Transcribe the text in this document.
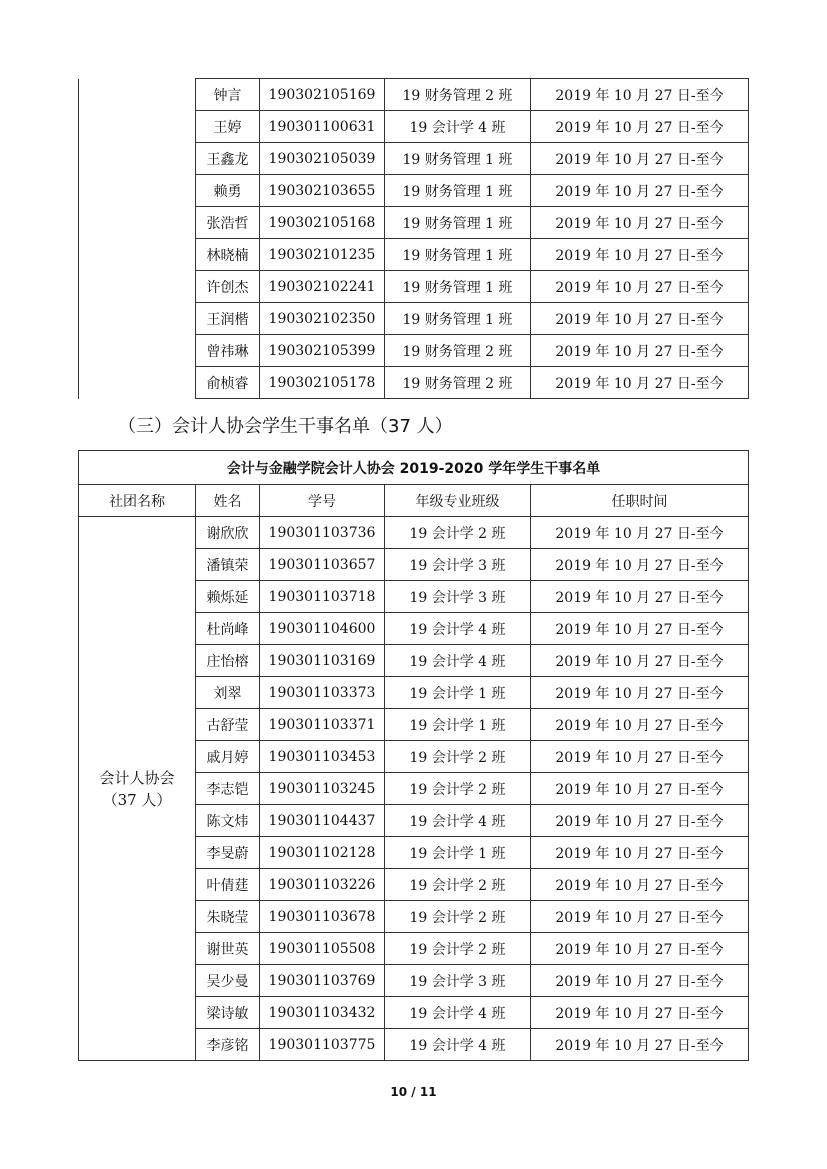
	钟言	190302105169	19 财务管理 2 班	2019 年 10 月 27 日-至今
	王婷	190301100631	19 会计学 4 班	2019 年 10 月 27 日-至今
	王鑫龙	190302105039	19 财务管理 1 班	2019 年 10 月 27 日-至今
	赖勇	190302103655	19 财务管理 1 班	2019 年 10 月 27 日-至今
	张浩哲	190302105168	19 财务管理 1 班	2019 年 10 月 27 日-至今
	林晓楠	190302101235	19 财务管理 1 班	2019 年 10 月 27 日-至今
	许创杰	190302102241	19 财务管理 1 班	2019 年 10 月 27 日-至今
	王润楷	190302102350	19 财务管理 1 班	2019 年 10 月 27 日-至今
	曾祎琳	190302105399	19 财务管理 2 班	2019 年 10 月 27 日-至今
	俞桢睿	190302105178	19 财务管理 2 班	2019 年 10 月 27 日-至今
（三）会计人协会学生干事名单（37 人）
会计与金融学院会计人协会 2019-2020 学年学生干事名单				
社团名称	姓名	学号	年级专业班级	任职时间

会计人协会
（37 人）	谢欣欣	190301103736	19 会计学 2 班	2019 年 10 月 27 日-至今
	潘镇荣	190301103657	19 会计学 3 班	2019 年 10 月 27 日-至今
	赖烁延	190301103718	19 会计学 3 班	2019 年 10 月 27 日-至今
	杜尚峰	190301104600	19 会计学 4 班	2019 年 10 月 27 日-至今
	庄怡榕	190301103169	19 会计学 4 班	2019 年 10 月 27 日-至今
	刘翠	190301103373	19 会计学 1 班	2019 年 10 月 27 日-至今
	古舒莹	190301103371	19 会计学 1 班	2019 年 10 月 27 日-至今
	戚月婷	190301103453	19 会计学 2 班	2019 年 10 月 27 日-至今
	李志铠	190301103245	19 会计学 2 班	2019 年 10 月 27 日-至今
	陈文炜	190301104437	19 会计学 4 班	2019 年 10 月 27 日-至今
	李旻蔚	190301102128	19 会计学 1 班	2019 年 10 月 27 日-至今
	叶倩莛	190301103226	19 会计学 2 班	2019 年 10 月 27 日-至今
	朱晓莹	190301103678	19 会计学 2 班	2019 年 10 月 27 日-至今
	谢世英	190301105508	19 会计学 2 班	2019 年 10 月 27 日-至今
	吴少曼	190301103769	19 会计学 3 班	2019 年 10 月 27 日-至今
	梁诗敏	190301103432	19 会计学 4 班	2019 年 10 月 27 日-至今
	李彦铭	190301103775	19 会计学 4 班	2019 年 10 月 27 日-至今
10 / 11
